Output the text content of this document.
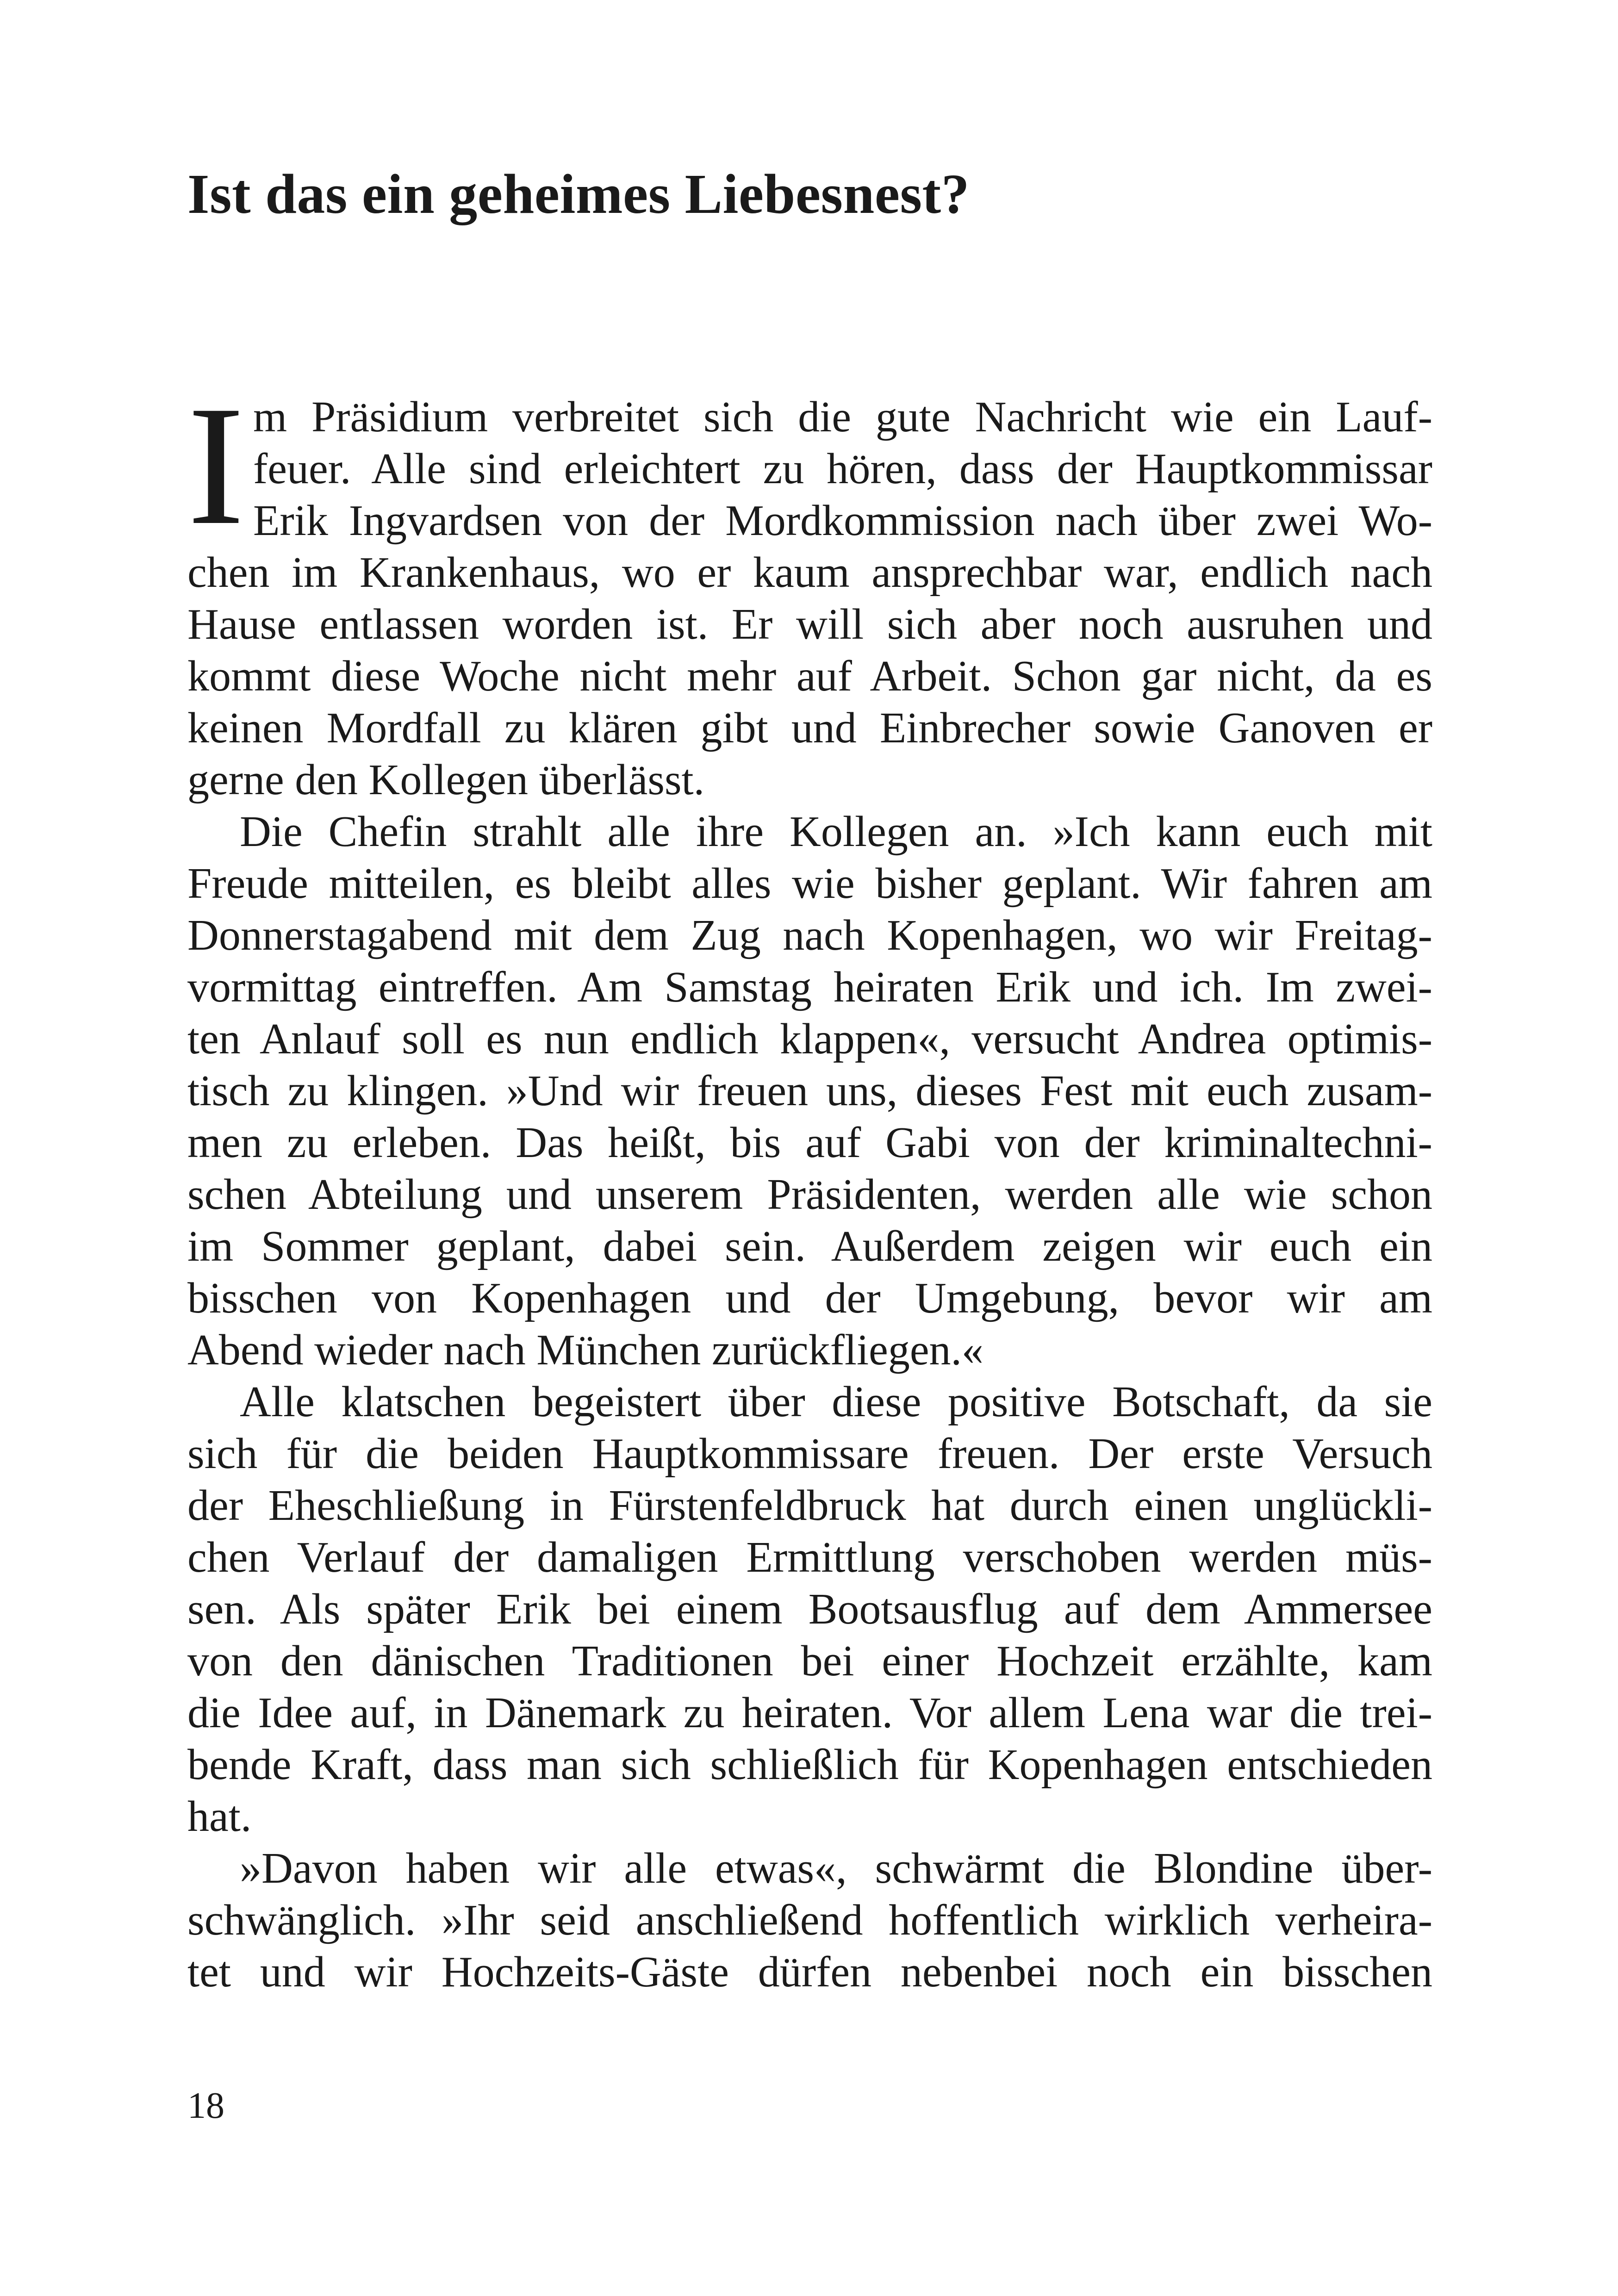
Ist das ein geheimes Liebesnest?
I m Präsidium verbreitet sich die gute Nachricht wie ein Lauf-
feuer. Alle sind erleichtert zu hören, dass der Hauptkommissar
Erik Ingvardsen von der Mordkommission nach über zwei Wo-
chen im Krankenhaus, wo er kaum ansprechbar war, endlich nach
Hause entlassen worden ist. Er will sich aber noch ausruhen und
kommt diese Woche nicht mehr auf Arbeit. Schon gar nicht, da es
keinen Mordfall zu klären gibt und Einbrecher sowie Ganoven er
gerne den Kollegen überlässt.
Die Chefin strahlt alle ihre Kollegen an. »Ich kann euch mit
Freude mitteilen, es bleibt alles wie bisher geplant. Wir fahren am
Donnerstagabend mit dem Zug nach Kopenhagen, wo wir Freitag-
vormittag eintreffen. Am Samstag heiraten Erik und ich. Im zwei-
ten Anlauf soll es nun endlich klappen«, versucht Andrea optimis-
tisch zu klingen. »Und wir freuen uns, dieses Fest mit euch zusam-
men zu erleben. Das heißt, bis auf Gabi von der kriminaltechni-
schen Abteilung und unserem Präsidenten, werden alle wie schon
im Sommer geplant, dabei sein. Außerdem zeigen wir euch ein
bisschen von Kopenhagen und der Umgebung, bevor wir am
Abend wieder nach München zurückfliegen.«
Alle klatschen begeistert über diese positive Botschaft, da sie
sich für die beiden Hauptkommissare freuen. Der erste Versuch
der Eheschließung in Fürstenfeldbruck hat durch einen unglückli-
chen Verlauf der damaligen Ermittlung verschoben werden müs-
sen. Als später Erik bei einem Bootsausflug auf dem Ammersee
von den dänischen Traditionen bei einer Hochzeit erzählte, kam
die Idee auf, in Dänemark zu heiraten. Vor allem Lena war die trei-
bende Kraft, dass man sich schließlich für Kopenhagen entschieden
hat.
»Davon haben wir alle etwas«, schwärmt die Blondine über-
schwänglich. »Ihr seid anschließend hoffentlich wirklich verheira-
tet und wir Hochzeits-Gäste dürfen nebenbei noch ein bisschen
18
